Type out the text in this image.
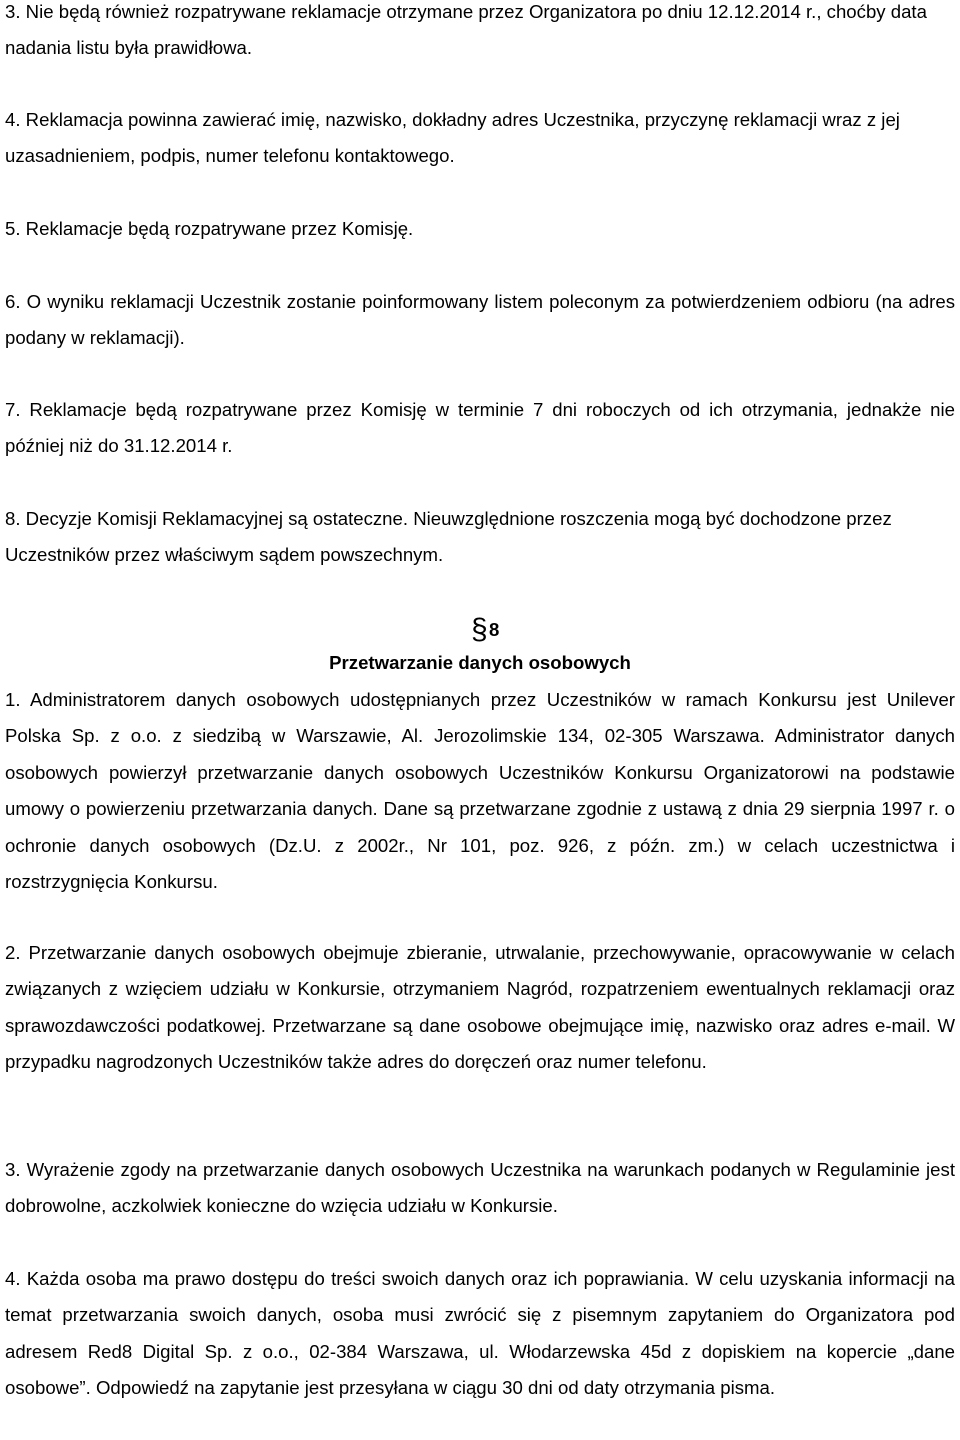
3. Nie będą również rozpatrywane reklamacje otrzymane przez Organizatora po dniu 12.12.2014 r., choćby data nadania listu była prawidłowa.

4. Reklamacja powinna zawierać imię, nazwisko, dokładny adres Uczestnika, przyczynę reklamacji wraz z jej uzasadnieniem, podpis, numer telefonu kontaktowego.

5. Reklamacje będą rozpatrywane przez Komisję.

6. O wyniku reklamacji Uczestnik zostanie poinformowany listem poleconym za potwierdzeniem odbioru (na adres podany w reklamacji).

7. Reklamacje będą rozpatrywane przez Komisję w terminie 7 dni roboczych od ich otrzymania, jednakże nie później niż do 31.12.2014 r.

8. Decyzje Komisji Reklamacyjnej są ostateczne. Nieuwzględnione roszczenia mogą być dochodzone przez Uczestników przez właściwym sądem powszechnym.

§ 8
Przetwarzanie danych osobowych

1. Administratorem danych osobowych udostępnianych przez Uczestników w ramach Konkursu jest Unilever Polska Sp. z o.o. z siedzibą w Warszawie, Al. Jerozolimskie 134, 02-305 Warszawa. Administrator danych osobowych powierzył przetwarzanie danych osobowych Uczestników Konkursu Organizatorowi na podstawie umowy o powierzeniu przetwarzania danych. Dane są przetwarzane zgodnie z ustawą z dnia 29 sierpnia 1997 r. o ochronie danych osobowych (Dz.U. z 2002r., Nr 101, poz. 926, z późn. zm.) w celach uczestnictwa i rozstrzygnięcia Konkursu.

2. Przetwarzanie danych osobowych obejmuje zbieranie, utrwalanie, przechowywanie, opracowywanie w celach związanych z wzięciem udziału w Konkursie, otrzymaniem Nagród, rozpatrzeniem ewentualnych reklamacji oraz sprawozdawczości podatkowej. Przetwarzane są dane osobowe obejmujące imię, nazwisko oraz adres e-mail. W przypadku nagrodzonych Uczestników także adres do doręczeń oraz numer telefonu.

3. Wyrażenie zgody na przetwarzanie danych osobowych Uczestnika na warunkach podanych w Regulaminie jest dobrowolne, aczkolwiek konieczne do wzięcia udziału w Konkursie.

4. Każda osoba ma prawo dostępu do treści swoich danych oraz ich poprawiania. W celu uzyskania informacji na temat przetwarzania swoich danych, osoba musi zwrócić się z pisemnym zapytaniem do Organizatora pod adresem Red8 Digital Sp. z o.o., 02-384 Warszawa, ul. Włodarzewska 45d z dopiskiem na kopercie „dane osobowe”. Odpowiedź na zapytanie jest przesyłana w ciągu 30 dni od daty otrzymania pisma.
